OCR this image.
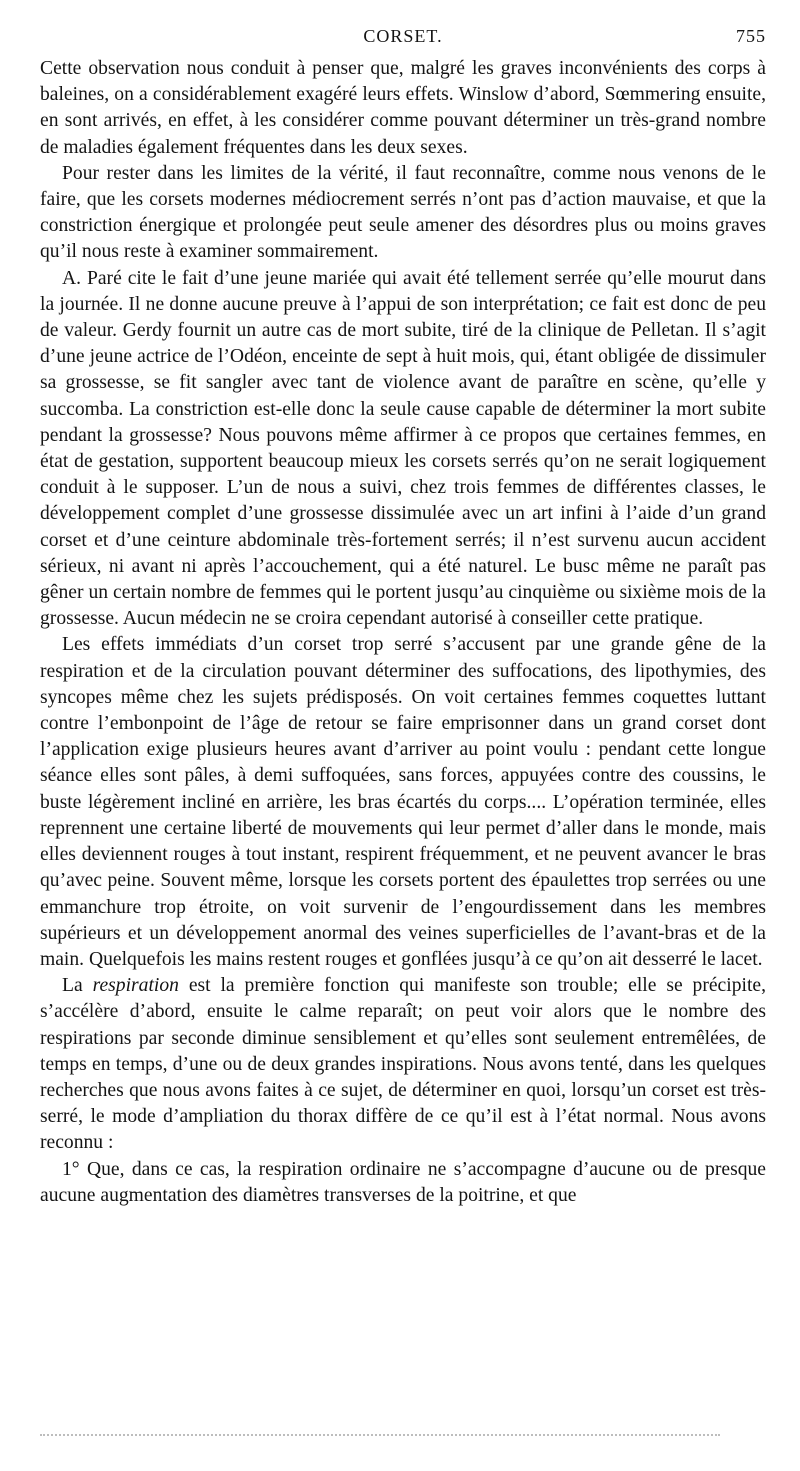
CORSET.	755

Cette observation nous conduit à penser que, malgré les graves inconvénients des corps à baleines, on a considérablement exagéré leurs effets. Winslow d’abord, Sœmmering ensuite, en sont arrivés, en effet, à les considérer comme pouvant déterminer un très-grand nombre de maladies également fréquentes dans les deux sexes.

Pour rester dans les limites de la vérité, il faut reconnaître, comme nous venons de le faire, que les corsets modernes médiocrement serrés n’ont pas d’action mauvaise, et que la constriction énergique et prolongée peut seule amener des désordres plus ou moins graves qu’il nous reste à examiner sommairement.

A. Paré cite le fait d’une jeune mariée qui avait été tellement serrée qu’elle mourut dans la journée. Il ne donne aucune preuve à l’appui de son interprétation; ce fait est donc de peu de valeur. Gerdy fournit un autre cas de mort subite, tiré de la clinique de Pelletan. Il s’agit d’une jeune actrice de l’Odéon, enceinte de sept à huit mois, qui, étant obligée de dissimuler sa grossesse, se fit sangler avec tant de violence avant de paraître en scène, qu’elle y succomba. La constriction est-elle donc la seule cause capable de déterminer la mort subite pendant la grossesse? Nous pouvons même affirmer à ce propos que certaines femmes, en état de gestation, supportent beaucoup mieux les corsets serrés qu’on ne serait logiquement conduit à le supposer. L’un de nous a suivi, chez trois femmes de différentes classes, le développement complet d’une grossesse dissimulée avec un art infini à l’aide d’un grand corset et d’une ceinture abdominale très-fortement serrés; il n’est survenu aucun accident sérieux, ni avant ni après l’accouchement, qui a été naturel. Le busc même ne paraît pas gêner un certain nombre de femmes qui le portent jusqu’au cinquième ou sixième mois de la grossesse. Aucun médecin ne se croira cependant autorisé à conseiller cette pratique.

Les effets immédiats d’un corset trop serré s’accusent par une grande gêne de la respiration et de la circulation pouvant déterminer des suffocations, des lipothymies, des syncopes même chez les sujets prédisposés. On voit certaines femmes coquettes luttant contre l’embonpoint de l’âge de retour se faire emprisonner dans un grand corset dont l’application exige plusieurs heures avant d’arriver au point voulu : pendant cette longue séance elles sont pâles, à demi suffoquées, sans forces, appuyées contre des coussins, le buste légèrement incliné en arrière, les bras écartés du corps.... L’opération terminée, elles reprennent une certaine liberté de mouvements qui leur permet d’aller dans le monde, mais elles deviennent rouges à tout instant, respirent fréquemment, et ne peuvent avancer le bras qu’avec peine. Souvent même, lorsque les corsets portent des épaulettes trop serrées ou une emmanchure trop étroite, on voit survenir de l’engourdissement dans les membres supérieurs et un développement anormal des veines superficielles de l’avant-bras et de la main. Quelquefois les mains restent rouges et gonflées jusqu’à ce qu’on ait desserré le lacet.

La respiration est la première fonction qui manifeste son trouble; elle se précipite, s’accélère d’abord, ensuite le calme reparaît; on peut voir alors que le nombre des respirations par seconde diminue sensiblement et qu’elles sont seulement entremêlées, de temps en temps, d’une ou de deux grandes inspirations. Nous avons tenté, dans les quelques recherches que nous avons faites à ce sujet, de déterminer en quoi, lorsqu’un corset est très-serré, le mode d’ampliation du thorax diffère de ce qu’il est à l’état normal. Nous avons reconnu :

1° Que, dans ce cas, la respiration ordinaire ne s’accompagne d’aucune ou de presque aucune augmentation des diamètres transverses de la poitrine, et que
